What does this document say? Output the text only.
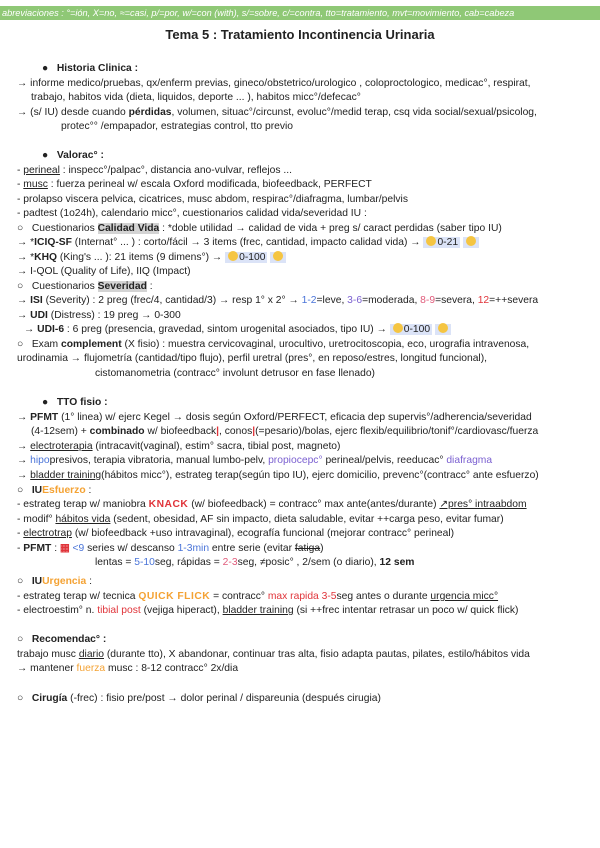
abreviaciones : °=ión, X=no, ≈=casi, p/=por, w/=con (with), s/=sobre, c/=contra, tto=tratamiento, mvt=movimiento, cab=cabeza
Tema 5 : Tratamiento Incontinencia Urinaria
● Historia Clinica :
→ informe medico/pruebas, qx/enferm previas, gineco/obstetrico/urologico , coloproctologico, medicac°, respirat,
trabajo, habitos vida (dieta, liquidos, deporte ... ), habitos micc°/defecac°
→ (s/ IU) desde cuando pérdidas, volumen, situac°/circunst, evoluc°/medid terap, csq vida social/sexual/psicolog,
protec°° /empapador, estrategias control, tto previo
● Valorac° :
- perineal : inspecc°/palpac°, distancia ano-vulvar, reflejos ...
- musc : fuerza perineal w/ escala Oxford modificada, biofeedback, PERFECT
- prolapso viscera pelvica, cicatrices, musc abdom, respirac°/diafragma, lumbar/pelvis
- padtest (1o24h), calendario micc°, cuestionarios calidad vida/severidad IU :
○   Cuestionarios Calidad Vida : *doble utilidad → calidad de vida + preg s/ caract perdidas (saber tipo IU)
→ *ICIQ-SF (Internat° ... ) : corto/fácil → 3 items (frec, cantidad, impacto calidad vida) → 0-21
→ *KHQ (King's ... ): 21 items (9 dimens°) → 0-100
→ I-QOL (Quality of Life), IIQ (Impact)
○   Cuestionarios Severidad :
→ ISI (Severity) : 2 preg (frec/4, cantidad/3) → resp 1° x 2° → 1-2=leve, 3-6=moderada, 8-9=severa, 12=++severa
→ UDI (Distress) : 19 preg → 0-300
→ UDI-6 : 6 preg (presencia, gravedad, sintom urogenital asociados, tipo IU) → 0-100
○   Exam complement (X fisio) : muestra cervicovaginal, urocultivo, uretrocitoscopia, eco, urografia intravenosa,
urodinamia → flujometría (cantidad/tipo flujo), perfil uretral (pres°, en reposo/estres, longitud funcional),
cistomanometria (contracc° involunt detrusor en fase llenado)
● TTO fisio :
→ PFMT (1° linea) w/ ejerc Kegel → dosis según Oxford/PERFECT, eficacia dep supervis°/adherencia/severidad
(4-12sem) + combinado w/ biofeedback|, conos|(=pesario)/bolas, ejerc flexib/equilibrio/tonif°/cardiovasc/fuerza
→ electroterapia (intracavit(vaginal), estim° sacra, tibial post, magneto)
→ hipopresivos, terapia vibratoria, manual lumbo-pelv, propiocepc° perineal/pelvis, reeducac° diafragma
→ bladder training(hábitos micc°), estrateg terap(según tipo IU), ejerc domicilio, prevenc°(contracc° ante esfuerzo)
○   IUEsfuerzo :
- estrateg terap w/ maniobra KNACK (w/ biofeedback) = contracc° max ante(antes/durante) ↗pres° intraabdom
- modif° hábitos vida (sedent, obesidad, AF sin impacto, dieta saludable, evitar ++carga peso, evitar fumar)
- electrotrap (w/ biofeedback +uso intravaginal), ecografía funcional (mejorar contracc° perineal)
- PFMT : ▦ <9 series w/ descanso 1-3min entre serie (evitar fatiga)
lentas = 5-10seg, rápidas = 2-3seg, ≠posic° , 2/sem (o diario), 12 sem
○   IUUrgencia :
- estrateg terap w/ tecnica QUICK FLICK = contracc° max rapida 3-5seg antes o durante urgencia micc°
- electroestim° n. tibial post (vejiga hiperact), bladder training (si ++frec intentar retrasar un poco w/ quick flick)
○   Recomendac° :
trabajo musc diario (durante tto), X abandonar, continuar tras alta, fisio adapta pautas, pilates, estilo/hábitos vida
→ mantener fuerza musc : 8-12 contracc° 2x/dia
○   Cirugía (-frec) : fisio pre/post → dolor perinal / dispareunia (después cirugia)
